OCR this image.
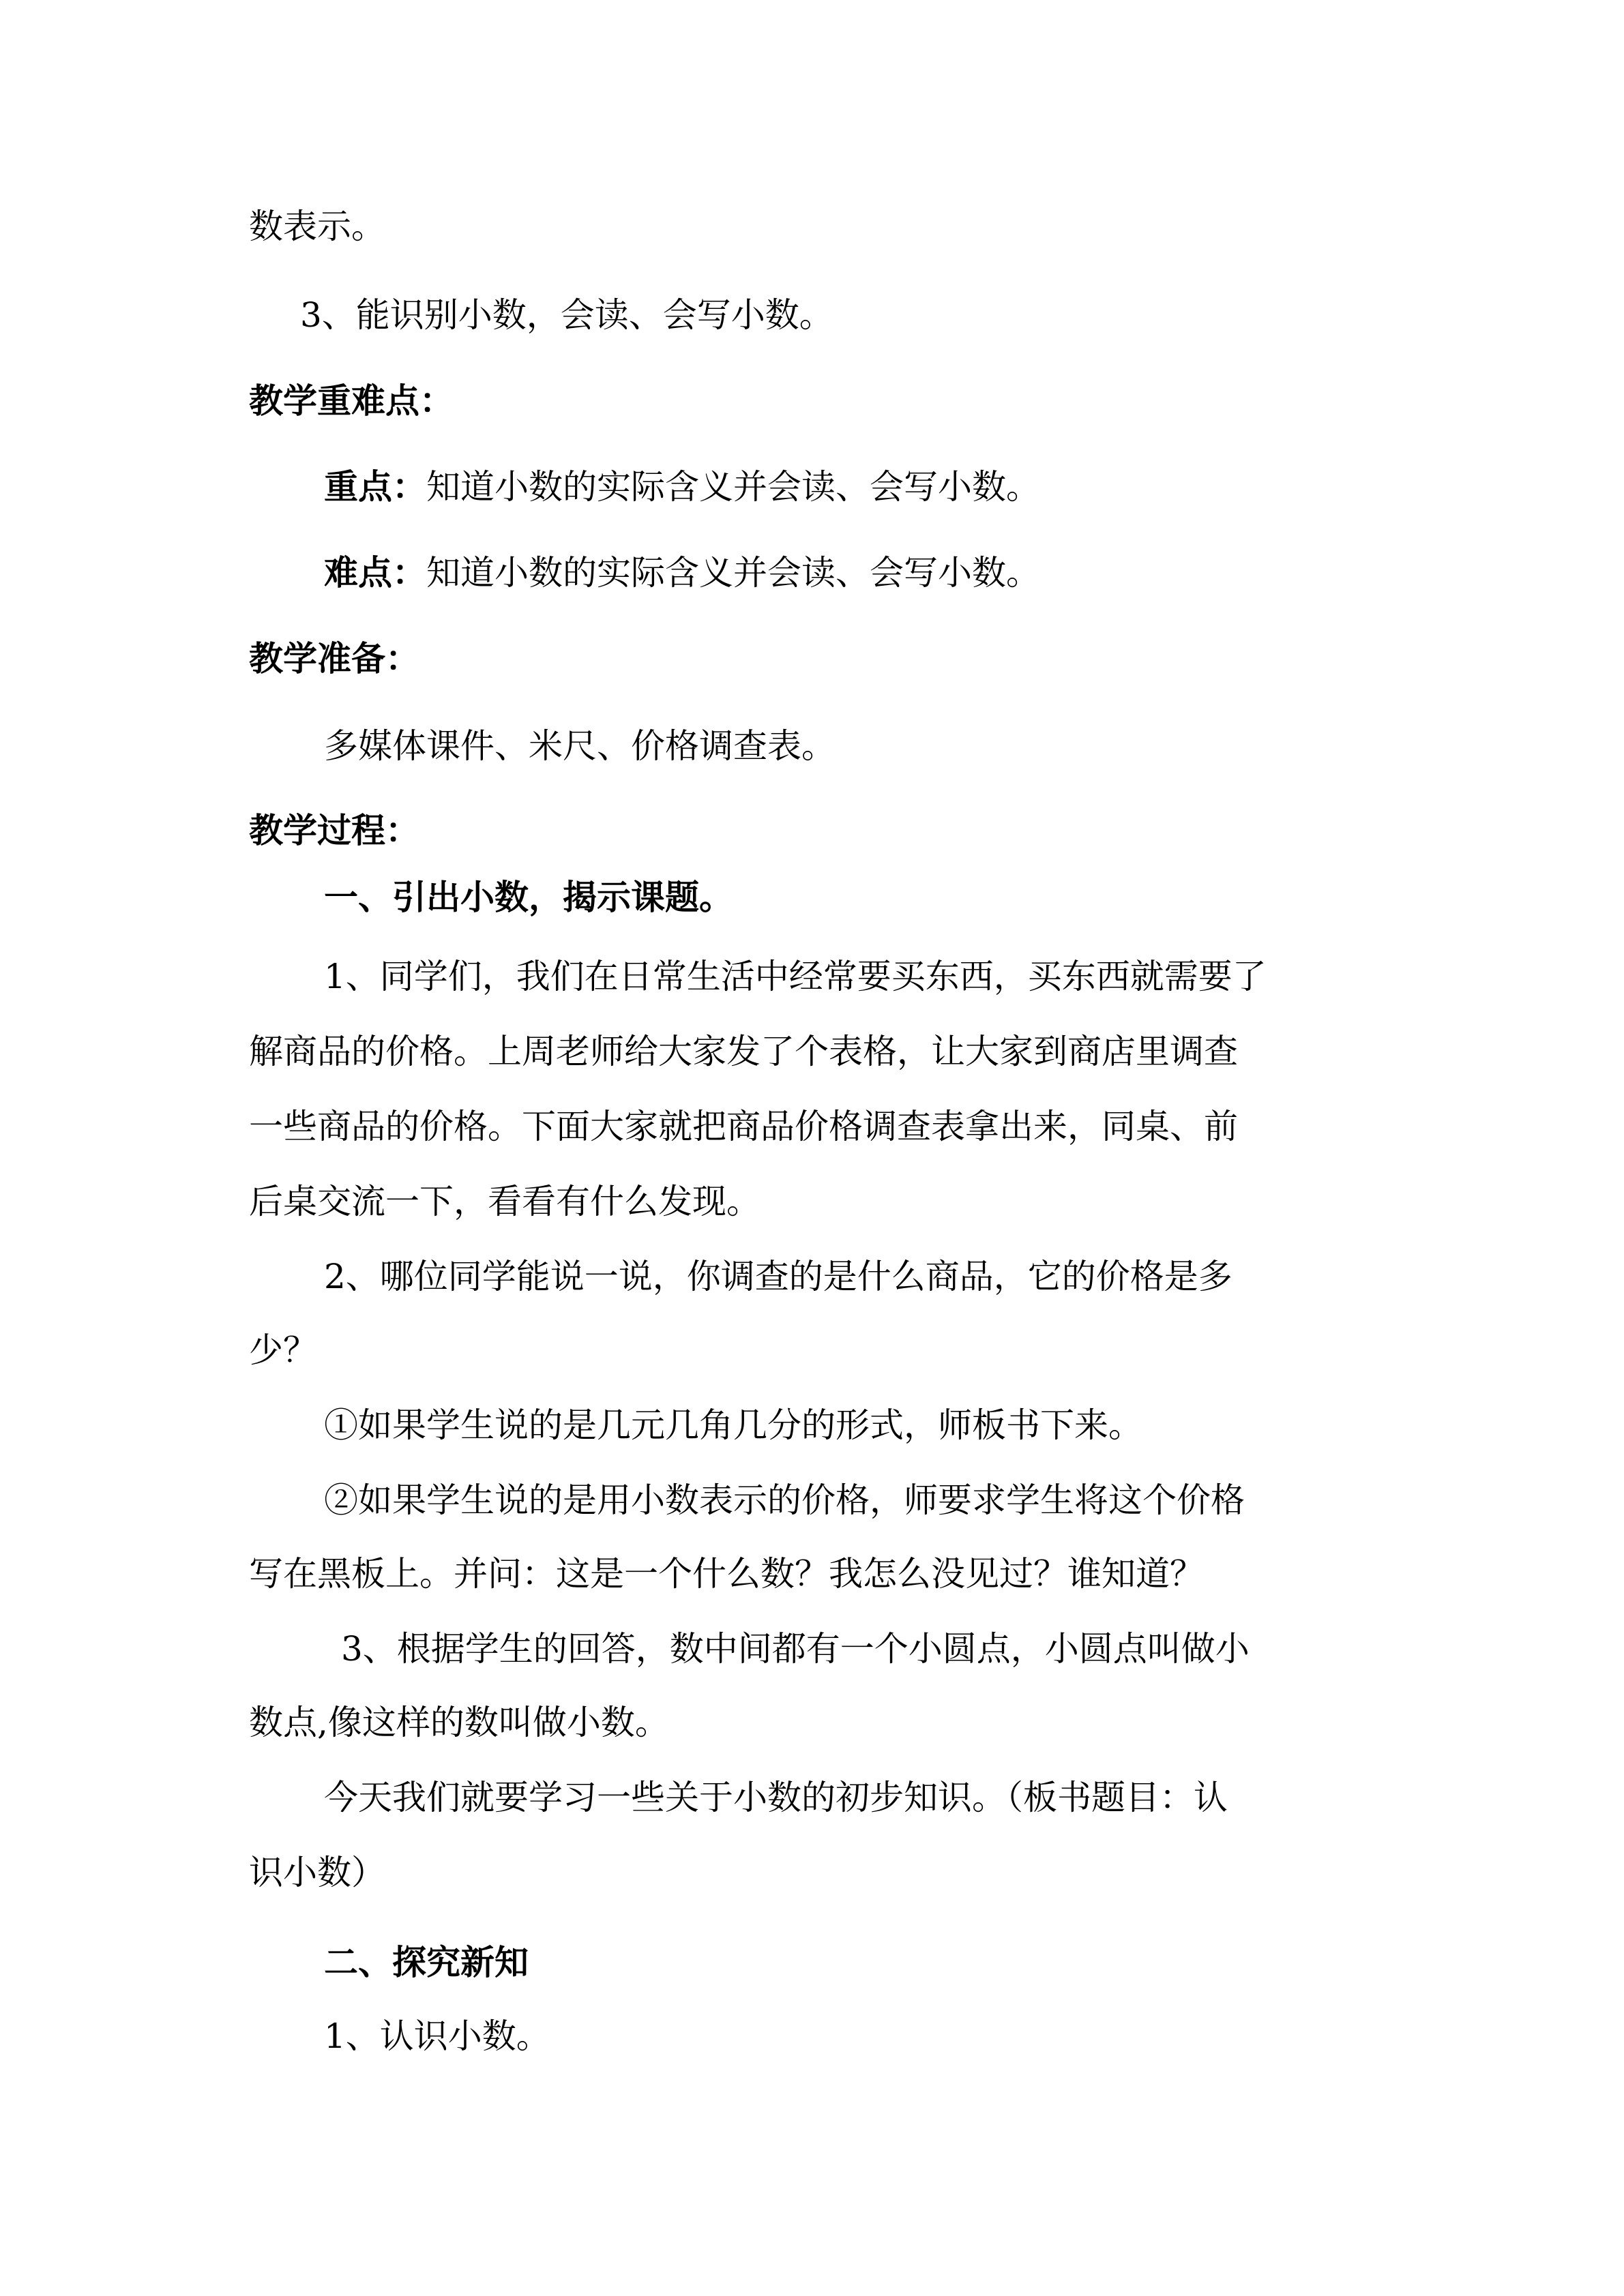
数表示。
3、能识别小数，会读、会写小数。
教学重难点：
重点：知道小数的实际含义并会读、会写小数。
难点：知道小数的实际含义并会读、会写小数。
教学准备：
多媒体课件、米尺、价格调查表。
教学过程：
一、引出小数，揭示课题。
1、同学们，我们在日常生活中经常要买东西，买东西就需要了
解商品的价格。上周老师给大家发了个表格，让大家到商店里调查
一些商品的价格。下面大家就把商品价格调查表拿出来，同桌、前
后桌交流一下，看看有什么发现。
2、哪位同学能说一说，你调查的是什么商品，它的价格是多
少？
①如果学生说的是几元几角几分的形式，师板书下来。
②如果学生说的是用小数表示的价格，师要求学生将这个价格
写在黑板上。并问：这是一个什么数？我怎么没见过？谁知道？
3、根据学生的回答，数中间都有一个小圆点，小圆点叫做小
数点,像这样的数叫做小数。
今天我们就要学习一些关于小数的初步知识。（板书题目：认
识小数）
二、探究新知
1、认识小数。
